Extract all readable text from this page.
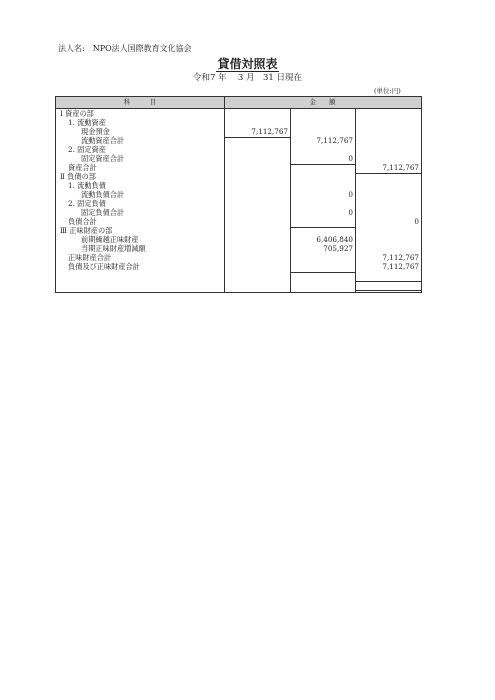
法人名:　NPO法人国際教育文化協会
貸借対照表
令和7 年　 3 月　31 日現在
(単位:円)
科　　　目	金　　額
Ⅰ 資産の部
1. 流動資産
現金預金	7,112,767
流動資産合計	7,112,767
2. 固定資産
固定資産合計	0
資産合計	7,112,767
Ⅱ 負債の部
1. 流動負債
流動負債合計	0
2. 固定負債
固定負債合計	0
負債合計	0
Ⅲ 正味財産の部
前期繰越正味財産	6,406,840
当期正味財産増減額	705,927
正味財産合計	7,112,767
負債及び正味財産合計	7,112,767
